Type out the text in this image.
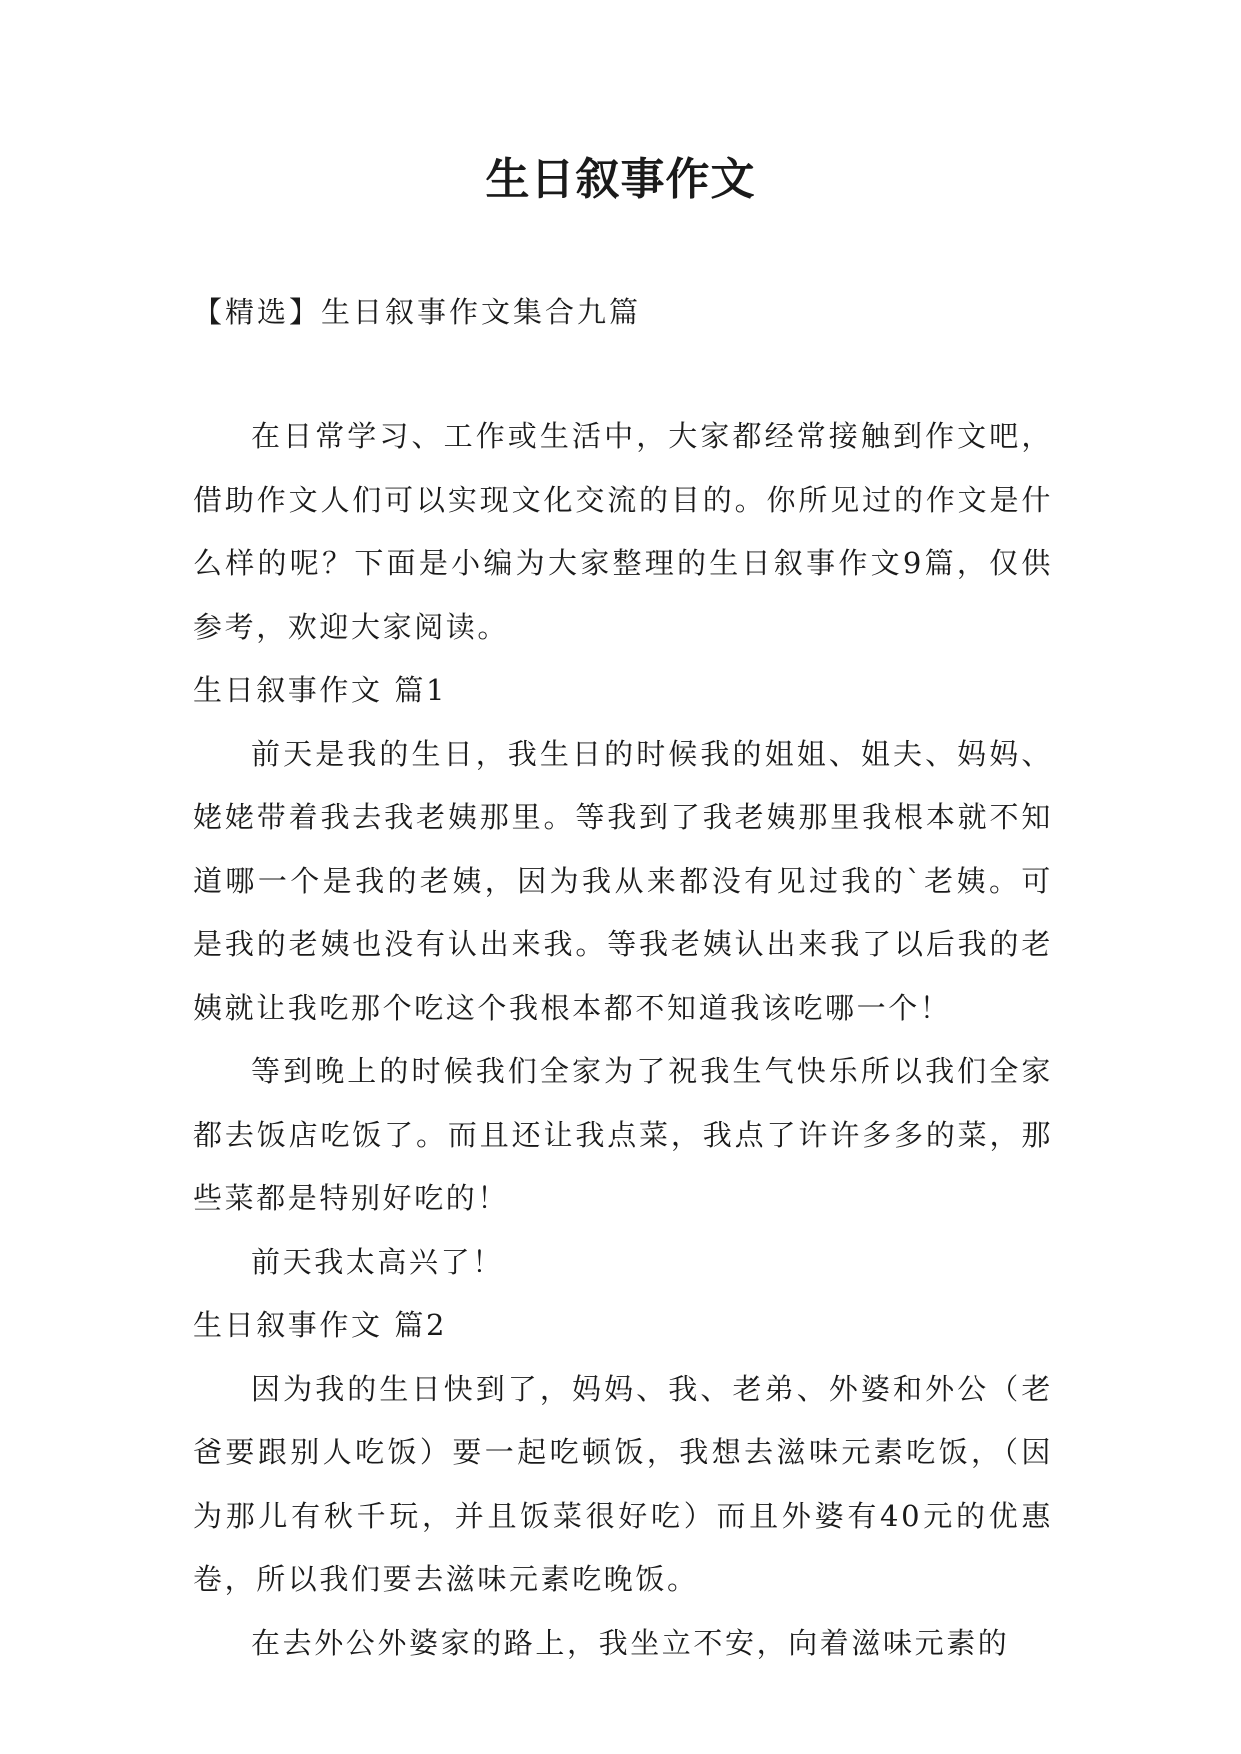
生日叙事作文
【精选】生日叙事作文集合九篇

在日常学习、工作或生活中，大家都经常接触到作文吧，借助作文人们可以实现文化交流的目的。你所见过的作文是什么样的呢？下面是小编为大家整理的生日叙事作文9篇，仅供参考，欢迎大家阅读。

生日叙事作文 篇1

前天是我的生日，我生日的时候我的姐姐、姐夫、妈妈、姥姥带着我去我老姨那里。等我到了我老姨那里我根本就不知道哪一个是我的老姨，因为我从来都没有见过我的`老姨。可是我的老姨也没有认出来我。等我老姨认出来我了以后我的老姨就让我吃那个吃这个我根本都不知道我该吃哪一个！

等到晚上的时候我们全家为了祝我生气快乐所以我们全家都去饭店吃饭了。而且还让我点菜，我点了许许多多的菜，那些菜都是特别好吃的！

前天我太高兴了！

生日叙事作文 篇2

因为我的生日快到了，妈妈、我、老弟、外婆和外公（老爸要跟别人吃饭）要一起吃顿饭，我想去滋味元素吃饭，（因为那儿有秋千玩，并且饭菜很好吃）而且外婆有40元的优惠卷，所以我们要去滋味元素吃晚饭。

在去外公外婆家的路上，我坐立不安，向着滋味元素的
